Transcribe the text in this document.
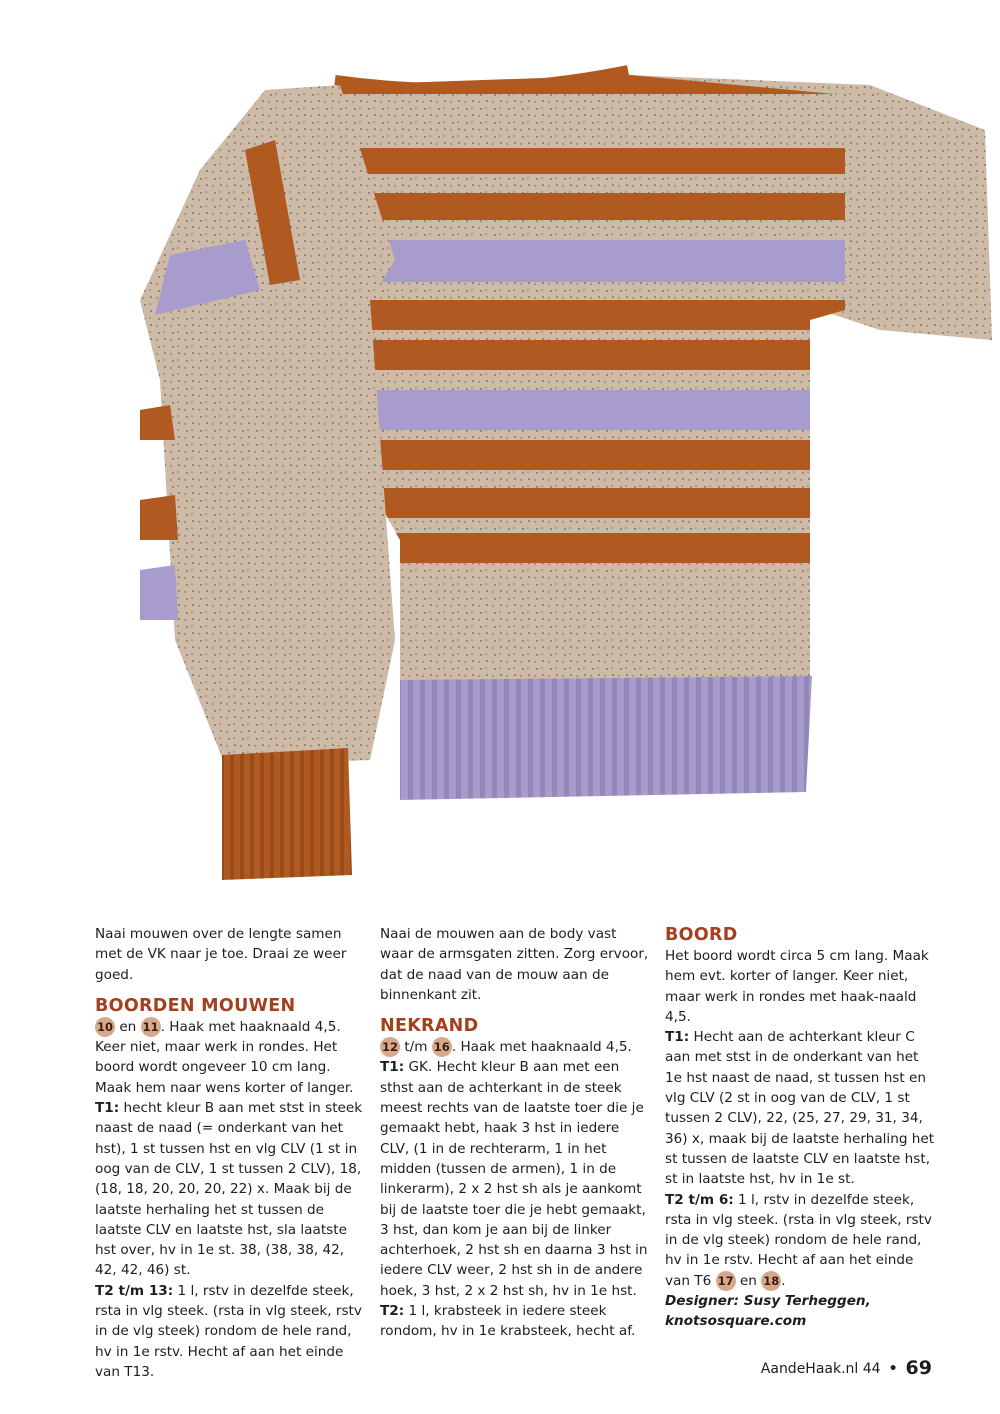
Naai mouwen over de lengte samen met de VK naar je toe. Draai ze weer goed.

BOORDEN MOUWEN

10 en 11 . Haak met haaknaald 4,5. Keer niet, maar werk in rondes. Het boord wordt ongeveer 10 cm lang. Maak hem naar wens korter of langer.

T1: hecht kleur B aan met stst in steek naast de naad (= onderkant van het hst), 1 st tussen hst en vlg CLV (1 st in oog van de CLV, 1 st tussen 2 CLV), 18, (18, 18, 20, 20, 20, 22) x. Maak bij de laatste herhaling het st tussen de laatste CLV en laatste hst, sla laatste hst over, hv in 1e st. 38, (38, 38, 42, 42, 42, 46) st.

T2 t/m 13: 1 l, rstv in dezelfde steek, rsta in vlg steek. (rsta in vlg steek, rstv in de vlg steek) rondom de hele rand, hv in 1e rstv. Hecht af aan het einde van T13.

Naai de mouwen aan de body vast waar de armsgaten zitten. Zorg ervoor, dat de naad van de mouw aan de binnenkant zit.

NEKRAND

12 t/m 16 . Haak met haaknaald 4,5.

T1: GK. Hecht kleur B aan met een sthst aan de achterkant in de steek meest rechts van de laatste toer die je gemaakt hebt, haak 3 hst in iedere CLV, (1 in de rechterarm, 1 in het midden (tussen de armen), 1 in de linkerarm), 2 x 2 hst sh als je aankomt bij de laatste toer die je hebt gemaakt, 3 hst, dan kom je aan bij de linker achterhoek, 2 hst sh en daarna 3 hst in iedere CLV weer, 2 hst sh in de andere hoek, 3 hst, 2 x 2 hst sh, hv in 1e hst.

T2: 1 l, krabsteek in iedere steek rondom, hv in 1e krabsteek, hecht af.

BOORD

Het boord wordt circa 5 cm lang. Maak hem evt. korter of langer. Keer niet, maar werk in rondes met haak-naald 4,5.

T1: Hecht aan de achterkant kleur C aan met stst in de onderkant van het 1e hst naast de naad, st tussen hst en vlg CLV (2 st in oog van de CLV, 1 st tussen 2 CLV), 22, (25, 27, 29, 31, 34, 36) x, maak bij de laatste herhaling het st tussen de laatste CLV en laatste hst, st in laatste hst, hv in 1e st.

T2 t/m 6: 1 l, rstv in dezelfde steek, rsta in vlg steek. (rsta in vlg steek, rstv in de vlg steek) rondom de hele rand, hv in 1e rstv. Hecht af aan het einde van T6 17 en 18 .

Designer: Susy Terheggen,

knotsosquare.com

AandeHaak.nl 44 • 69
